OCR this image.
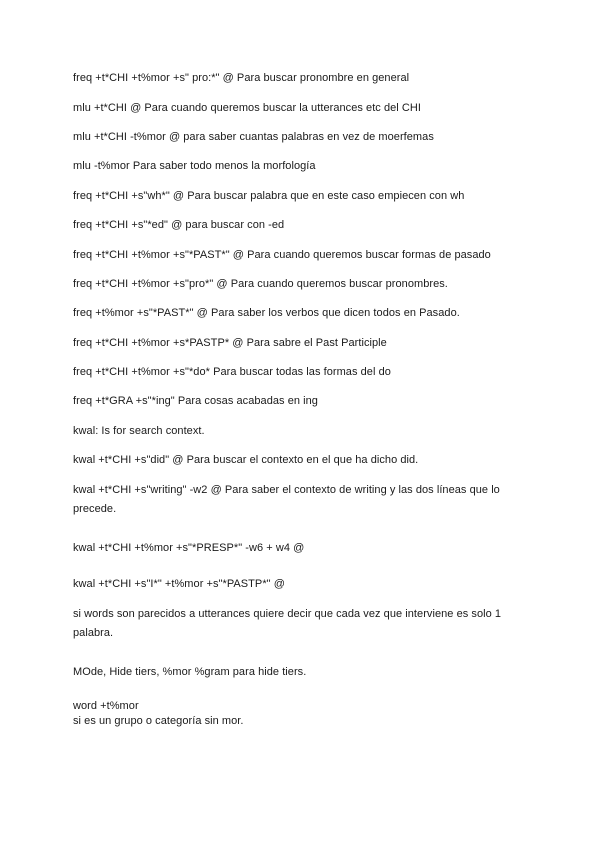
freq +t*CHI +t%mor +s" pro:*" @ Para buscar pronombre en general
mlu +t*CHI @ Para cuando queremos buscar la utterances etc del CHI
mlu +t*CHI -t%mor @ para saber cuantas palabras en vez de moerfemas
mlu -t%mor Para saber todo menos la morfología
freq +t*CHI +s"wh*" @ Para buscar palabra que en este caso empiecen con wh
freq +t*CHI +s"*ed" @ para buscar con -ed
freq +t*CHI +t%mor +s"*PAST*" @ Para cuando queremos buscar formas de pasado
freq +t*CHI +t%mor +s"pro*" @ Para cuando queremos buscar pronombres.
freq +t%mor +s"*PAST*" @ Para saber los verbos que dicen todos en Pasado.
freq +t*CHI +t%mor +s*PASTP* @ Para sabre el Past Participle
freq +t*CHI +t%mor +s"*do* Para buscar todas las formas del do
freq +t*GRA +s"*ing" Para cosas acabadas en ing
kwal: Is for search context.
kwal +t*CHI +s"did" @ Para buscar el contexto en el que ha dicho did.
kwal +t*CHI +s"writing" -w2 @ Para saber el contexto de writing y las dos líneas que lo precede.
kwal +t*CHI +t%mor +s"*PRESP*" -w6 + w4 @
kwal +t*CHI +s"I*" +t%mor +s"*PASTP*" @
si words son parecidos a utterances quiere decir que cada vez que interviene es solo 1 palabra.
MOde, Hide tiers, %mor %gram para hide tiers.
word +t%mor
si es un grupo o categoría sin mor.
